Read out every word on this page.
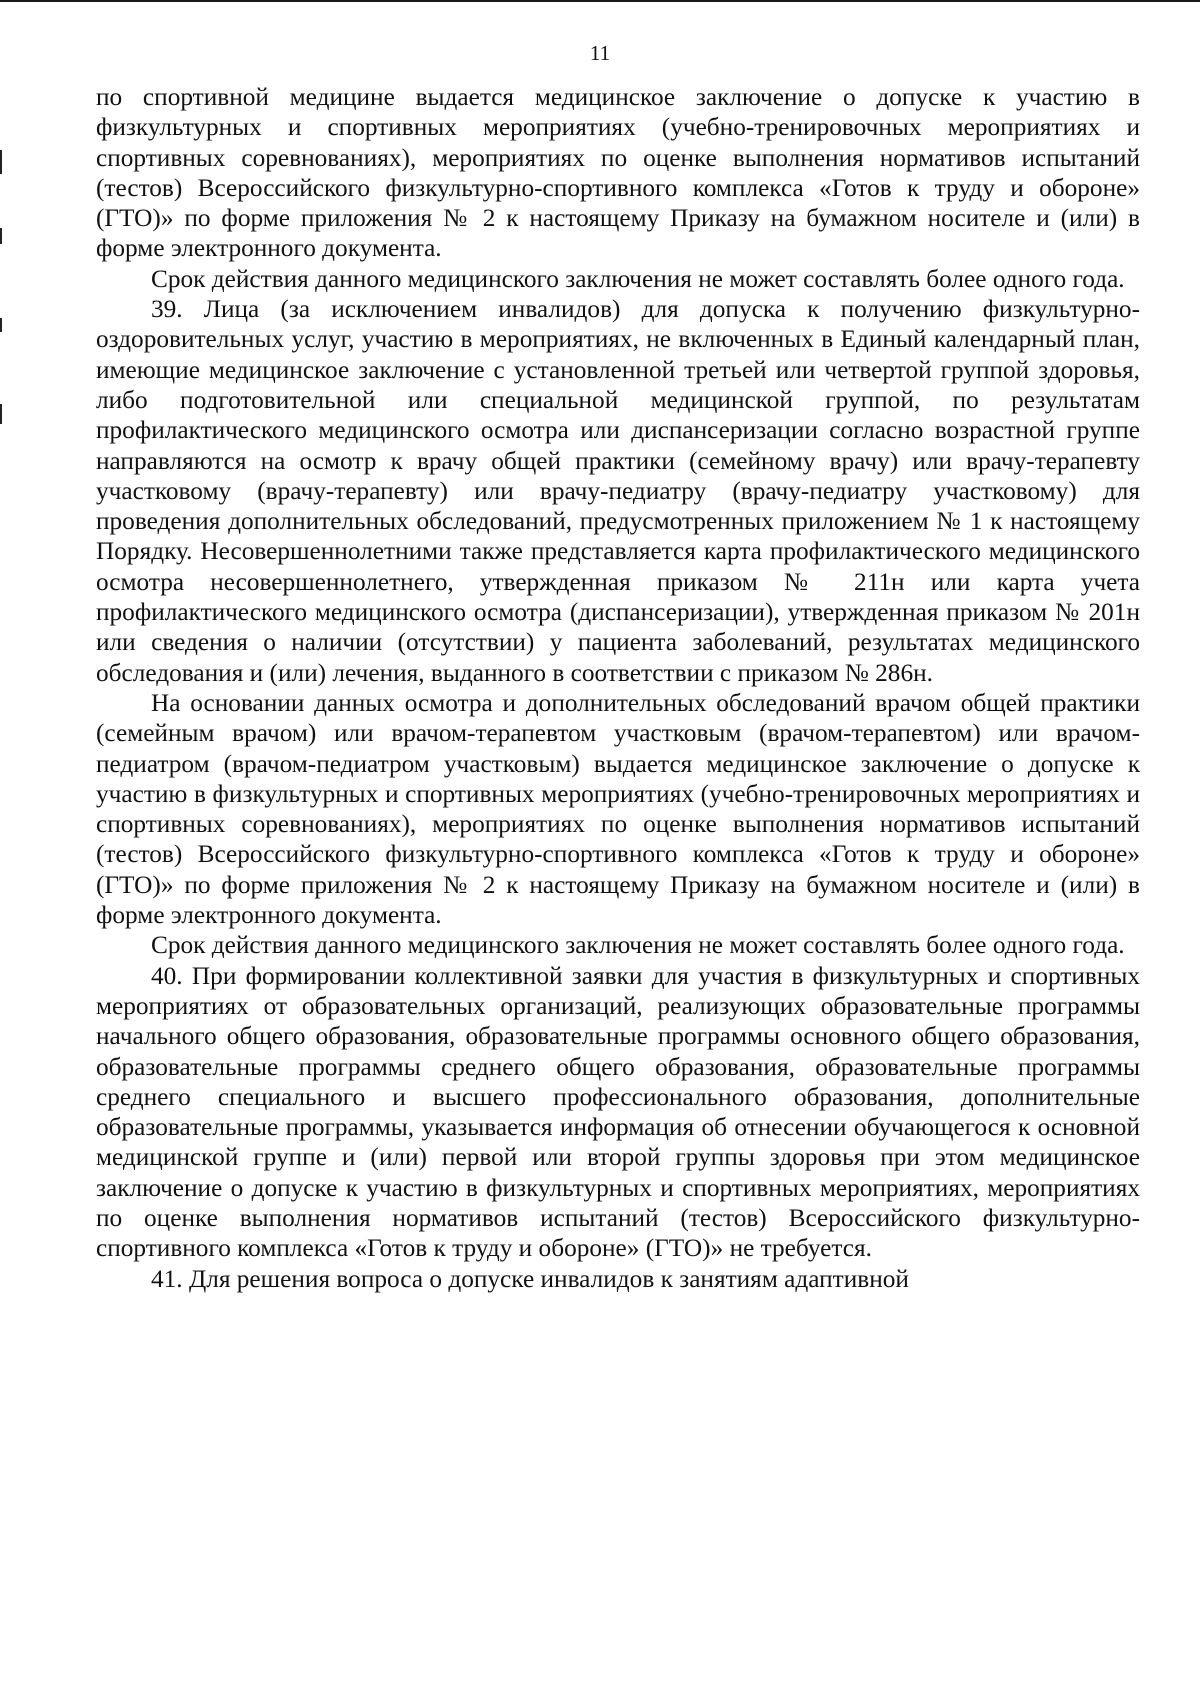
11

по спортивной медицине выдается медицинское заключение о допуске к участию в физкультурных и спортивных мероприятиях (учебно-тренировочных мероприятиях и спортивных соревнованиях), мероприятиях по оценке выполнения нормативов испытаний (тестов) Всероссийского физкультурно-спортивного комплекса «Готов к труду и обороне» (ГТО)» по форме приложения № 2 к настоящему Приказу на бумажном носителе и (или) в форме электронного документа.

Срок действия данного медицинского заключения не может составлять более одного года.

39. Лица (за исключением инвалидов) для допуска к получению физкультурно-оздоровительных услуг, участию в мероприятиях, не включенных в Единый календарный план, имеющие медицинское заключение с установленной третьей или четвертой группой здоровья, либо подготовительной или специальной медицинской группой, по результатам профилактического медицинского осмотра или диспансеризации согласно возрастной группе направляются на осмотр к врачу общей практики (семейному врачу) или врачу-терапевту участковому (врачу-терапевту) или врачу-педиатру (врачу-педиатру участковому) для проведения дополнительных обследований, предусмотренных приложением № 1 к настоящему Порядку. Несовершеннолетними также представляется карта профилактического медицинского осмотра несовершеннолетнего, утвержденная приказом № 211н или карта учета профилактического медицинского осмотра (диспансеризации), утвержденная приказом № 201н или сведения о наличии (отсутствии) у пациента заболеваний, результатах медицинского обследования и (или) лечения, выданного в соответствии с приказом № 286н.

На основании данных осмотра и дополнительных обследований врачом общей практики (семейным врачом) или врачом-терапевтом участковым (врачом-терапевтом) или врачом-педиатром (врачом-педиатром участковым) выдается медицинское заключение о допуске к участию в физкультурных и спортивных мероприятиях (учебно-тренировочных мероприятиях и спортивных соревнованиях), мероприятиях по оценке выполнения нормативов испытаний (тестов) Всероссийского физкультурно-спортивного комплекса «Готов к труду и обороне» (ГТО)» по форме приложения № 2 к настоящему Приказу на бумажном носителе и (или) в форме электронного документа.

Срок действия данного медицинского заключения не может составлять более одного года.

40. При формировании коллективной заявки для участия в физкультурных и спортивных мероприятиях от образовательных организаций, реализующих образовательные программы начального общего образования, образовательные программы основного общего образования, образовательные программы среднего общего образования, образовательные программы среднего специального и высшего профессионального образования, дополнительные образовательные программы, указывается информация об отнесении обучающегося к основной медицинской группе и (или) первой или второй группы здоровья при этом медицинское заключение о допуске к участию в физкультурных и спортивных мероприятиях, мероприятиях по оценке выполнения нормативов испытаний (тестов) Всероссийского физкультурно-спортивного комплекса «Готов к труду и обороне» (ГТО)» не требуется.

41. Для решения вопроса о допуске инвалидов к занятиям адаптивной
